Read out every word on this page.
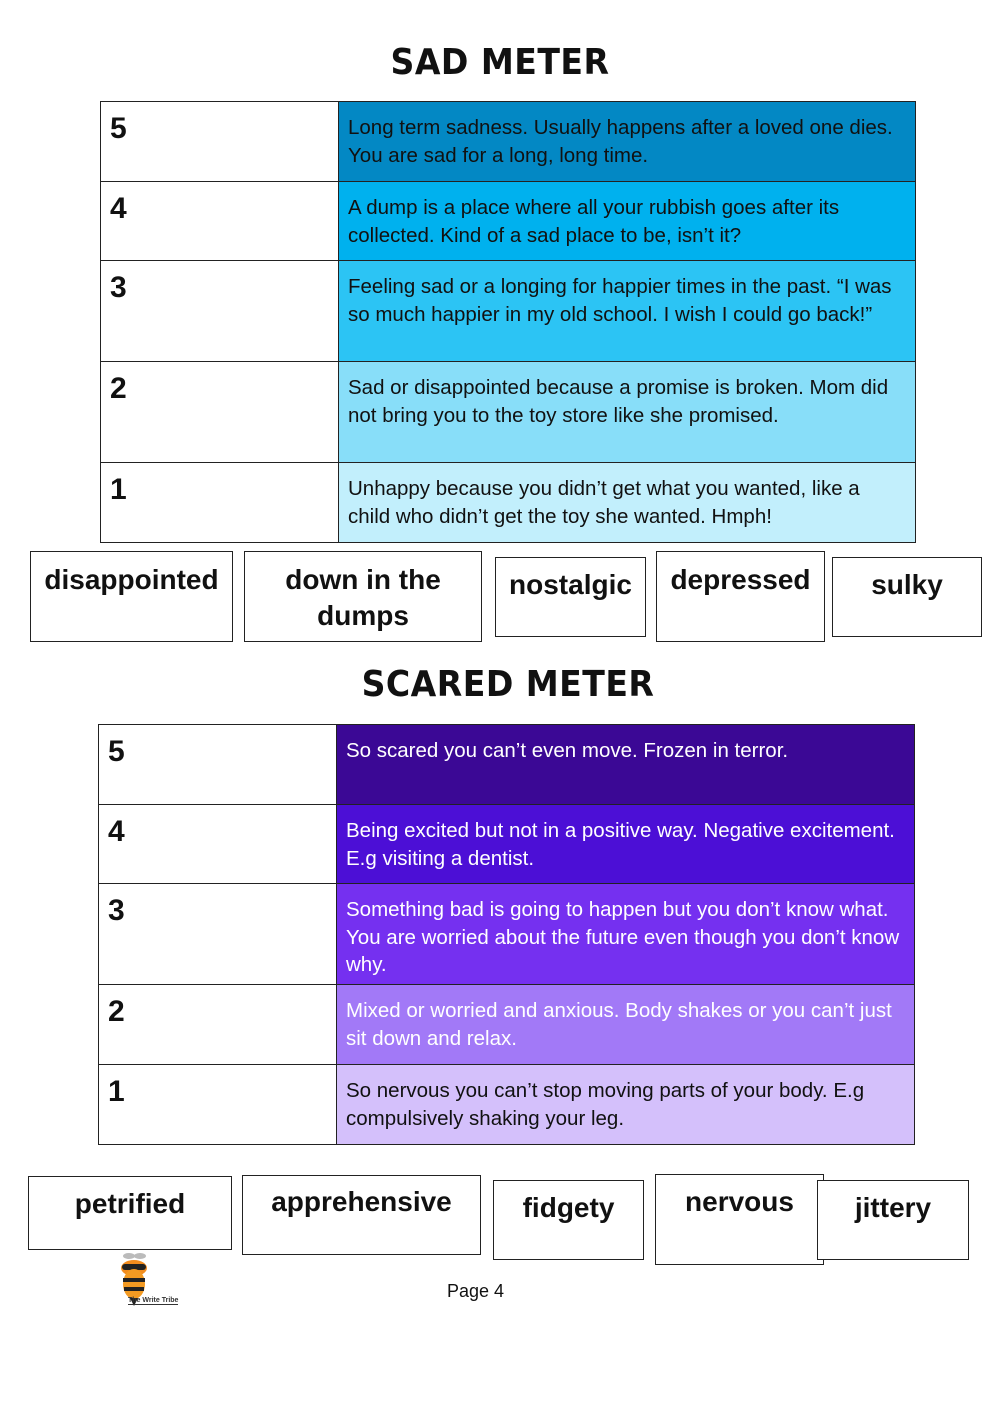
SAD METER
5	Long term sadness. Usually happens after a loved one dies. You are sad for a long, long time.
4	A dump is a place where all your rubbish goes after its collected. Kind of a sad place to be, isn’t it?
3	Feeling sad or a longing for happier times in the past. “I was so much happier in my old school. I wish I could go back!”
2	Sad or disappointed because a promise is broken. Mom did not bring you to the toy store like she promised.
1	Unhappy because you didn’t get what you wanted, like a child who didn’t get the toy she wanted. Hmph!
disappointed	down in the dumps
nostalgic	depressed	sulky
SCARED METER
5	So scared you can’t even move. Frozen in terror.
4	Being excited but not in a positive way. Negative excitement. E.g visiting a dentist.
3	Something bad is going to happen but you don’t know what. You are worried about the future even though you don’t know why.
2	Mixed or worried and anxious. Body shakes or you can’t just sit down and relax.
1	So nervous you can’t stop moving parts of your body. E.g compulsively shaking your leg.
petrified	apprehensive	fidgety	nervous	jittery
The Write Tribe	Page 4
